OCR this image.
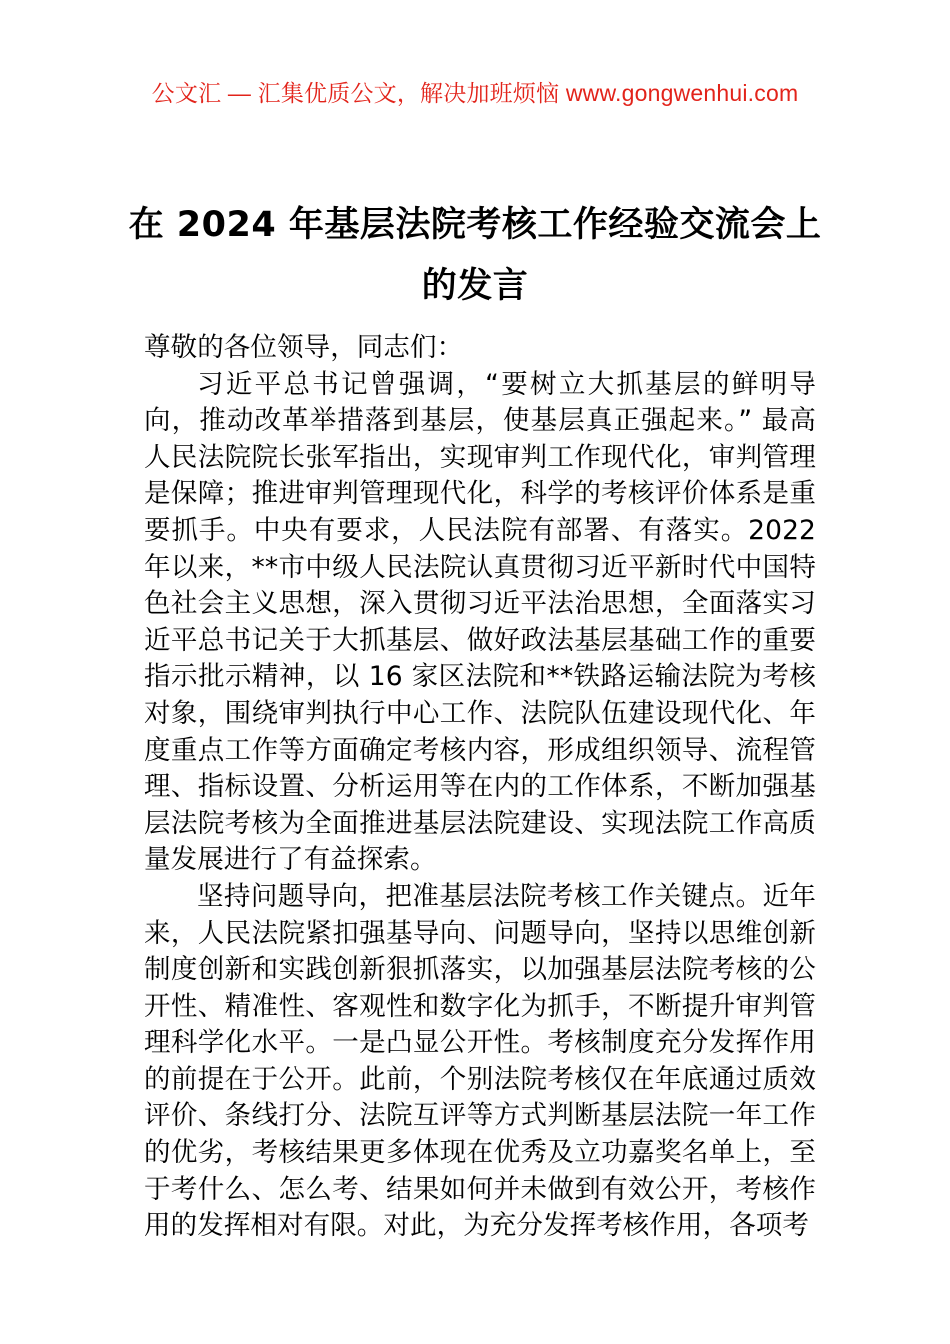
公文汇 — 汇集优质公文，解决加班烦恼 www.gongwenhui.com
在 2024 年基层法院考核工作经验交流会上的发言

尊敬的各位领导，同志们：

习近平总书记曾强调，“要树立大抓基层的鲜明导向，推动改革举措落到基层，使基层真正强起来。” 最高人民法院院长张军指出，实现审判工作现代化，审判管理是保障；推进审判管理现代化，科学的考核评价体系是重要抓手。中央有要求，人民法院有部署、有落实。2022 年以来，**市中级人民法院认真贯彻习近平新时代中国特色社会主义思想，深入贯彻习近平法治思想，全面落实习近平总书记关于大抓基层、做好政法基层基础工作的重要指示批示精神，以 16 家区法院和**铁路运输法院为考核对象，围绕审判执行中心工作、法院队伍建设现代化、年度重点工作等方面确定考核内容，形成组织领导、流程管理、指标设置、分析运用等在内的工作体系，不断加强基层法院考核为全面推进基层法院建设、实现法院工作高质量发展进行了有益探索。

坚持问题导向，把准基层法院考核工作关键点。近年来，人民法院紧扣强基导向、问题导向，坚持以思维创新制度创新和实践创新狠抓落实，以加强基层法院考核的公开性、精准性、客观性和数字化为抓手，不断提升审判管理科学化水平。一是凸显公开性。考核制度充分发挥作用的前提在于公开。此前，个别法院考核仅在年底通过质效评价、条线打分、法院互评等方式判断基层法院一年工作的优劣，考核结果更多体现在优秀及立功嘉奖名单上，至于考什么、怎么考、结果如何并未做到有效公开，考核作用的发挥相对有限。对此，为充分发挥考核作用，各项考
